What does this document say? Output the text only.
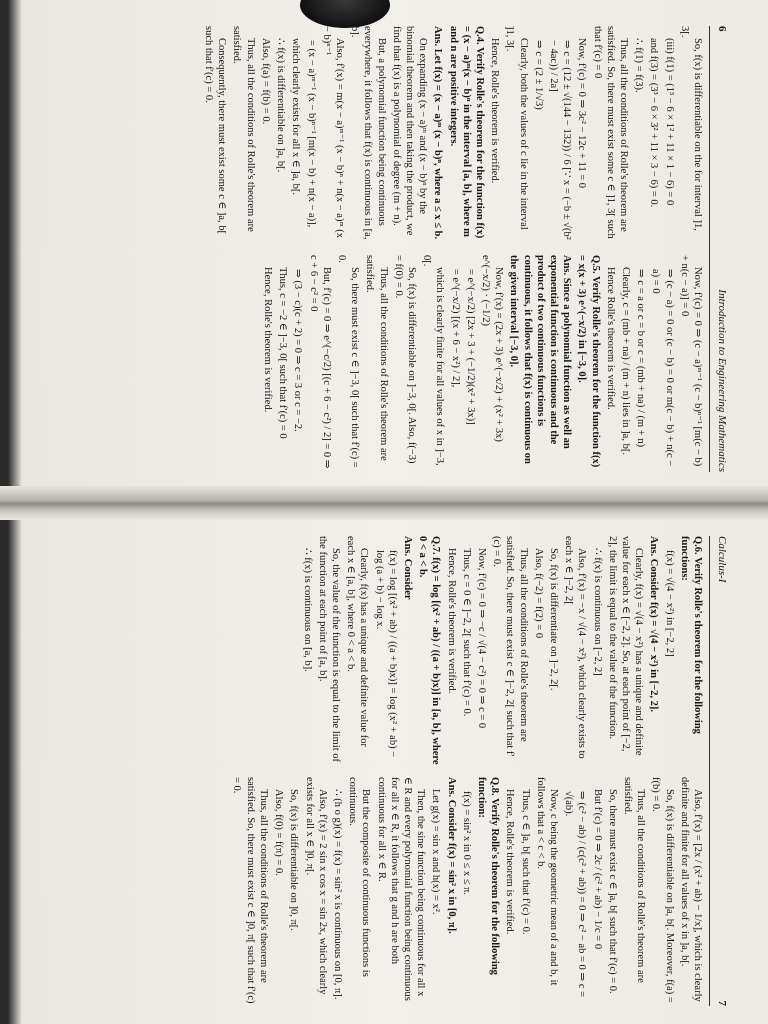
6
Introduction to Engineering Mathematics

So, f(x) is differentiable on the for interval ]1, 3[.

(iii) f(1) = (1³ − 6 × 1² + 11 × 1 − 6) = 0

and f(3) = (3³ − 6 × 3² + 11 × 3 − 6) = 0.

∴ f(1) = f(3).

Thus, all the conditions of Rolle's theorem are satisfied. So, there must exist some c ∈ ]1, 3[ such that f′(c) = 0

Now, f′(c) = 0 ⇒ 3c² − 12c + 11 = 0

⇒ c = (12 ± √(144 − 132)) / 6 [∵ x = (−b ± √(b² − 4ac)) / 2a]

⇒ c = (2 ± 1/√3)

Clearly, both the values of c lie in the interval ]1, 3[.

Hence, Rolle's theorem is verified.

Q.4. Verify Rolle's theorem for the function f(x) = (x − a)ᵐ(x − b)ⁿ in the interval [a, b], where m and n are positive integers.

Ans. Let f(x) = (x − a)ᵐ (x − b)ⁿ, where a ≤ x ≤ b.

On expanding (x − a)ᵐ and (x − b)ⁿ by the binomial theorem and then taking the product, we find that f(x) is a polynomial of degree (m + n).

But, a polynomial function being continuous everywhere, it follows that f(x) is continuous in [a, b].

Also, f′(x) = m(x − a)ᵐ⁻¹ (x − b)ⁿ + n(x − a)ᵐ (x − b)ⁿ⁻¹

= (x − a)ᵐ⁻¹ (x − b)ⁿ⁻¹ [m(x − b) + n(x − a)],

which clearly exists for all x ∈ ]a, b[.

∴ f(x) is differentiable on ]a, b[.

Also, f(a) = f(b) = 0.

Thus, all the conditions of Rolle's theorem are satisfied.

Consequently, there must exist some c ∈ ]a, b[ such that f′(c) = 0.

Now, f′(c) = 0 ⇒ (c − a)ᵐ⁻¹ (c − b)ⁿ⁻¹ [m(c − b) + n(c − a)] = 0

⇒ (c − a) = 0 or (c − b) = 0 or m(c − b) + n(c − a) = 0

⇒ c = a or c = b or c = (mb + na) / (m + n)

Clearly, c = (mb + na) / (m + n) lies in ]a, b[.

Hence Rolle's theorem is verified.

Q.5. Verify Rolle's theorem for the function f(x) = x(x + 3) e^(−x/2) in [−3, 0].

Ans. Since a polynomial function as well an exponential function is continuous and the product of two continuous functions is continuous, it follows that f(x) is continuous on the given interval [−3, 0].

Now, f′(x) = (2x + 3) e^(−x/2) + (x² + 3x) e^(−x/2) · (−1/2)

= e^(−x/2) [2x + 3 + (−1/2)(x² + 3x)]

= e^(−x/2) [(x + 6 − x²) / 2],

which is clearly finite for all values of x in ]−3, 0[.

So, f(x) is differentiable on ]−3, 0[. Also, f(−3) = f(0) = 0.

Thus, all the conditions of Rolle's theorem are satisfied.

So, there must exist c ∈ ]−3, 0[ such that f′(c) = 0.

But, f′(c) = 0 ⇒ e^(−c/2) [(c + 6 − c²) / 2] = 0 ⇒ c + 6 − c² = 0

⇒ (3 − c)(c + 2) = 0 ⇒ c = 3 or c = −2.

Thus, c = −2 ∈ ]−3, 0[ such that f′(c) = 0

Hence, Rolle's theorem is verified.

Calculus-I
7

Q.6. Verify Rolle's theorem for the following functions:

f(x) = √(4 − x²) in [−2, 2]

Ans. Consider f(x) = √(4 − x²) in [−2, 2].

Clearly, f(x) = √(4 − x²) has a unique and definite value for each x ∈ [−2, 2]. So, at each point of [−2, 2], the limit is equal to the value of the function.

∴ f(x) is continuous on [−2, 2]

Also, f′(x) = −x / √(4 − x²), which clearly exists to each x ∈ ]−2, 2[

So, f(x) is differentiate on ]−2, 2[.

Also, f(−2) = f(2) = 0

Thus, all the conditions of Rolle's theorem are satisfied. So, there must exist c ∈ ]−2, 2[ such that f′(c) = 0.

Now, f′(c) = 0 ⇒ −c / √(4 − c²) = 0 ⇒ c = 0

Thus, c = 0 ∈ ]−2, 2[ such that f′(c) = 0.

Hence, Rolle's theorem is verified.

Q.7. f(x) = log [(x² + ab) / ((a + b)x)] in [a, b], where 0 < a < b.

Ans. Consider

f(x) = log [(x² + ab) / ((a + b)x)] = log (x² + ab) − log (a + b) − log x.

Clearly, f(x) has a unique and definite value for each x ∈ [a, b], where 0 < a < b.

So, the value of the function is equal to the limit of the function at each point of [a, b].

∴ f(x) is continuous on [a, b].

Also, f′(x) = [2x / (x² + ab) − 1/x], which is clearly definite and finite for all values of x in ]a, b[.

So, f(x) is differentiable on ]a, b[. Moreover, f(a) = f(b) = 0.

Thus, all the conditions of Rolle's theorem are satisfied.

So, there must exist c ∈ ]a, b[ such that f′(c) = 0.

But f′(c) = 0 ⇒ 2c / (c² + ab) − 1/c = 0

⇒ (c² − ab) / (c(c² + ab)) = 0 ⇒ c² − ab = 0 ⇒ c = √(ab).

Now, c being the geometric mean of a and b, it follows that a < c < b.

Thus, c ∈ ]a, b[ such that f′(c) = 0.

Hence, Rolle's theorem is verified.

Q.8. Verify Rolle's theorem for the following function:

f(x) = sin² x in 0 ≤ x ≤ π.

Ans. Consider f(x) = sin² x in [0, π].

Let g(x) = sin x and h(x) = x².

Then, the sine function being continuous for all x ∈ R and every polynomial function being continuous for all x ∈ R, it follows that g and h are both continuous for all x ∈ R.

But the composite of continuous functions is continuous.

∴ (h o g)(x) = f(x) = sin² x is continuous on [0, π].

Also, f′(x) = 2 sin x cos x = sin 2x, which clearly exists for all x ∈ ]0, π[.

So, f(x) is differentiable on ]0, π[.

Also, f(0) = f(π) = 0.

Thus, all the conditions of Rolle's theorem are satisfied. So, there must exist c ∈ ]0, π[ such that f′(c) = 0.
